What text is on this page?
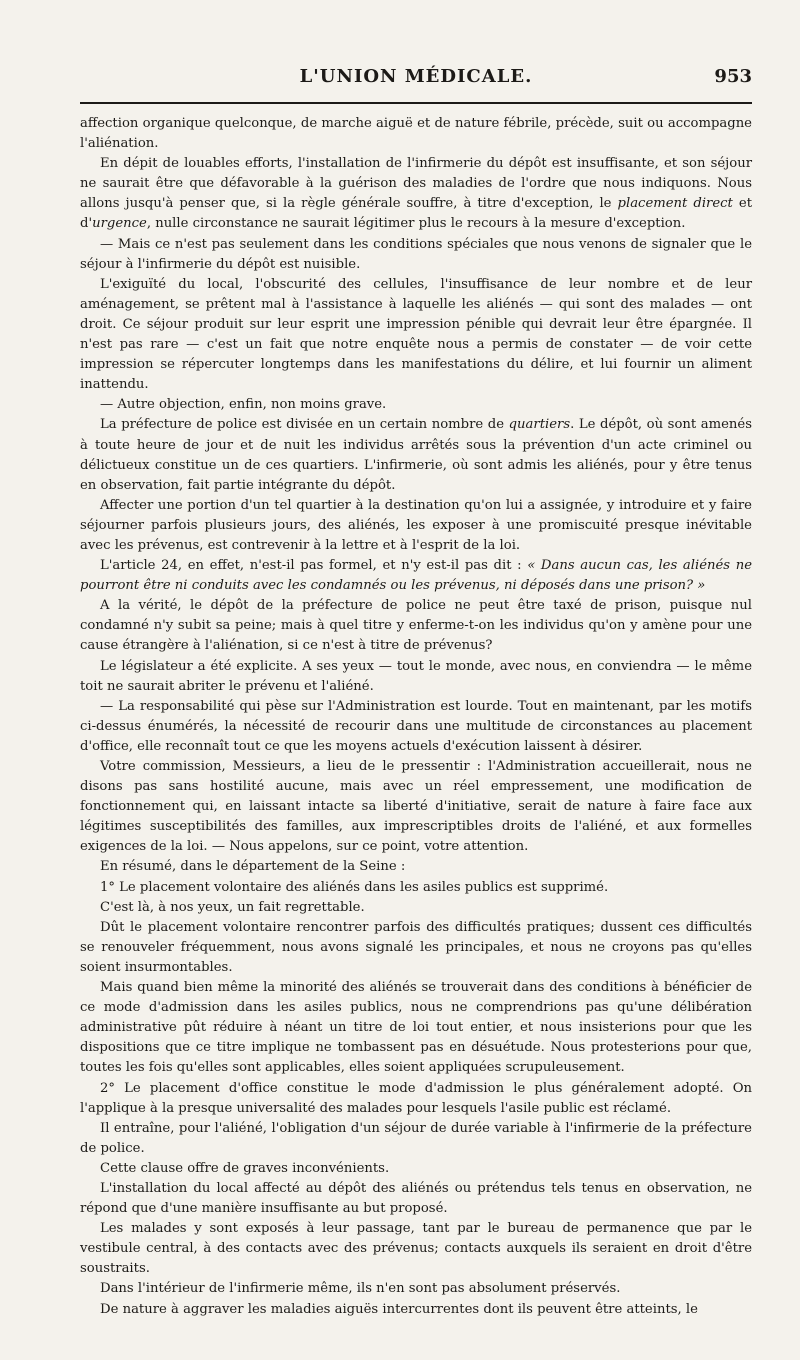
L'UNION MÉDICALE.	953

affection organique quelconque, de marche aiguë et de nature fébrile, précède, suit ou accompagne l'aliénation.

En dépit de louables efforts, l'installation de l'infirmerie du dépôt est insuffisante, et son séjour ne saurait être que défavorable à la guérison des maladies de l'ordre que nous indiquons. Nous allons jusqu'à penser que, si la règle générale souffre, à titre d'exception, le placement direct et d'urgence, nulle circonstance ne saurait légitimer plus le recours à la mesure d'exception.

— Mais ce n'est pas seulement dans les conditions spéciales que nous venons de signaler que le séjour à l'infirmerie du dépôt est nuisible.

L'exiguïté du local, l'obscurité des cellules, l'insuffisance de leur nombre et de leur aménagement, se prêtent mal à l'assistance à laquelle les aliénés — qui sont des malades — ont droit. Ce séjour produit sur leur esprit une impression pénible qui devrait leur être épargnée. Il n'est pas rare — c'est un fait que notre enquête nous a permis de constater — de voir cette impression se répercuter longtemps dans les manifestations du délire, et lui fournir un aliment inattendu.

— Autre objection, enfin, non moins grave.

La préfecture de police est divisée en un certain nombre de quartiers. Le dépôt, où sont amenés à toute heure de jour et de nuit les individus arrêtés sous la prévention d'un acte criminel ou délictueux constitue un de ces quartiers. L'infirmerie, où sont admis les aliénés, pour y être tenus en observation, fait partie intégrante du dépôt.

Affecter une portion d'un tel quartier à la destination qu'on lui a assignée, y introduire et y faire séjourner parfois plusieurs jours, des aliénés, les exposer à une promiscuité presque inévitable avec les prévenus, est contrevenir à la lettre et à l'esprit de la loi.

L'article 24, en effet, n'est-il pas formel, et n'y est-il pas dit : « Dans aucun cas, les aliénés ne pourront être ni conduits avec les condamnés ou les prévenus, ni déposés dans une prison? »

A la vérité, le dépôt de la préfecture de police ne peut être taxé de prison, puisque nul condamné n'y subit sa peine; mais à quel titre y enferme-t-on les individus qu'on y amène pour une cause étrangère à l'aliénation, si ce n'est à titre de prévenus?

Le législateur a été explicite. A ses yeux — tout le monde, avec nous, en conviendra — le même toit ne saurait abriter le prévenu et l'aliéné.

— La responsabilité qui pèse sur l'Administration est lourde. Tout en maintenant, par les motifs ci-dessus énumérés, la nécessité de recourir dans une multitude de circonstances au placement d'office, elle reconnaît tout ce que les moyens actuels d'exécution laissent à désirer.

Votre commission, Messieurs, a lieu de le pressentir : l'Administration accueillerait, nous ne disons pas sans hostilité aucune, mais avec un réel empressement, une modification de fonctionnement qui, en laissant intacte sa liberté d'initiative, serait de nature à faire face aux légitimes susceptibilités des familles, aux imprescriptibles droits de l'aliéné, et aux formelles exigences de la loi. — Nous appelons, sur ce point, votre attention.

En résumé, dans le département de la Seine :

1° Le placement volontaire des aliénés dans les asiles publics est supprimé.

C'est là, à nos yeux, un fait regrettable.

Dût le placement volontaire rencontrer parfois des difficultés pratiques; dussent ces difficultés se renouveler fréquemment, nous avons signalé les principales, et nous ne croyons pas qu'elles soient insurmontables.

Mais quand bien même la minorité des aliénés se trouverait dans des conditions à bénéficier de ce mode d'admission dans les asiles publics, nous ne comprendrions pas qu'une délibération administrative pût réduire à néant un titre de loi tout entier, et nous insisterions pour que les dispositions que ce titre implique ne tombassent pas en désuétude. Nous protesterions pour que, toutes les fois qu'elles sont applicables, elles soient appliquées scrupuleusement.

2° Le placement d'office constitue le mode d'admission le plus généralement adopté. On l'applique à la presque universalité des malades pour lesquels l'asile public est réclamé.

Il entraîne, pour l'aliéné, l'obligation d'un séjour de durée variable à l'infirmerie de la préfecture de police.

Cette clause offre de graves inconvénients.

L'installation du local affecté au dépôt des aliénés ou prétendus tels tenus en observation, ne répond que d'une manière insuffisante au but proposé.

Les malades y sont exposés à leur passage, tant par le bureau de permanence que par le vestibule central, à des contacts avec des prévenus; contacts auxquels ils seraient en droit d'être soustraits.

Dans l'intérieur de l'infirmerie même, ils n'en sont pas absolument préservés.

De nature à aggraver les maladies aiguës intercurrentes dont ils peuvent être atteints, le
